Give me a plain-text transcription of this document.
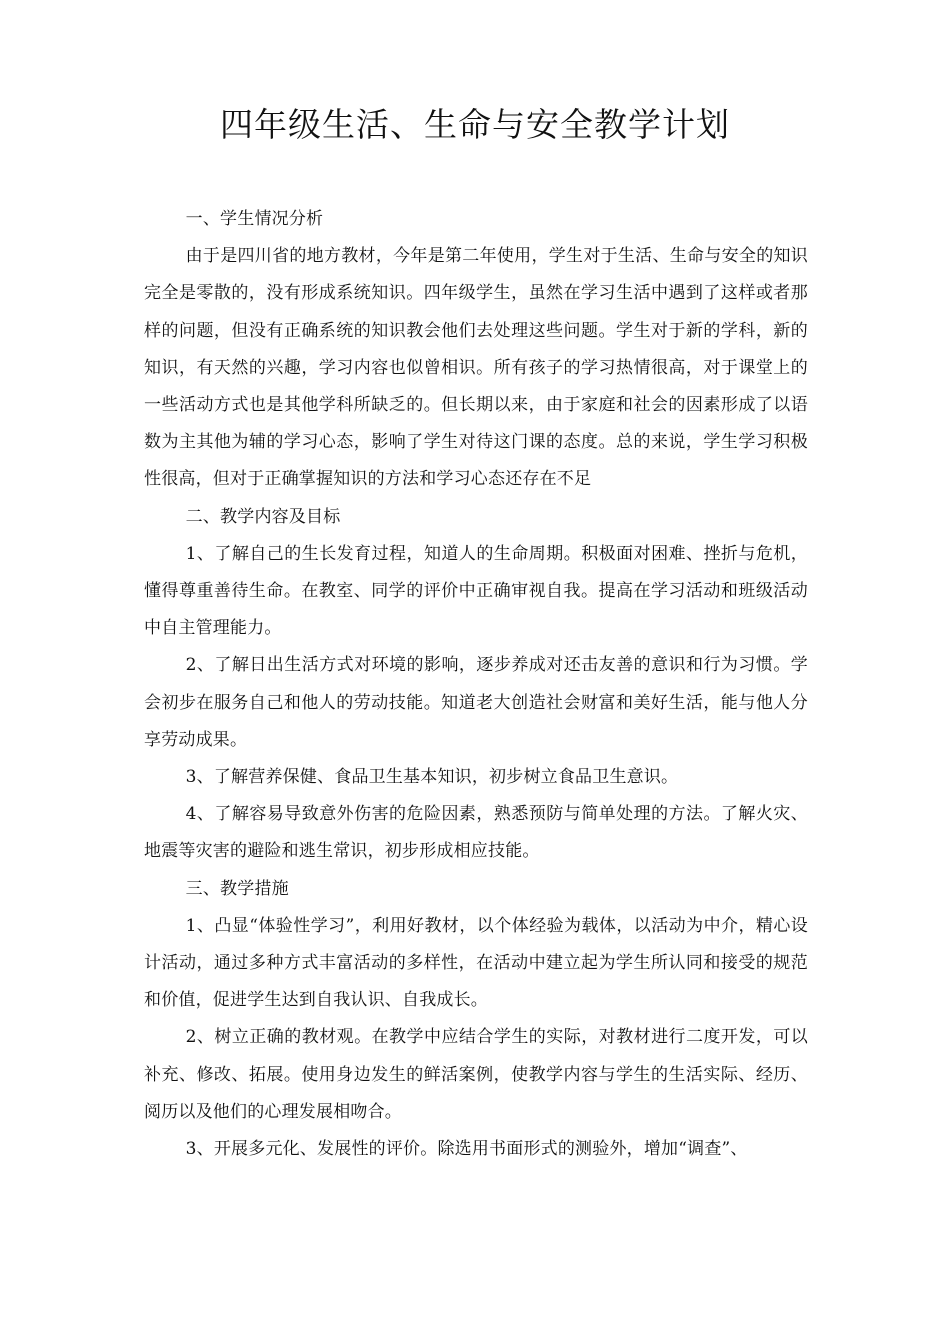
四年级生活、生命与安全教学计划

一、学生情况分析

由于是四川省的地方教材，今年是第二年使用，学生对于生活、生命与安全的知识完全是零散的，没有形成系统知识。四年级学生，虽然在学习生活中遇到了这样或者那样的问题，但没有正确系统的知识教会他们去处理这些问题。学生对于新的学科，新的知识，有天然的兴趣，学习内容也似曾相识。所有孩子的学习热情很高，对于课堂上的一些活动方式也是其他学科所缺乏的。但长期以来，由于家庭和社会的因素形成了以语数为主其他为辅的学习心态，影响了学生对待这门课的态度。总的来说，学生学习积极性很高，但对于正确掌握知识的方法和学习心态还存在不足

二、教学内容及目标

1、了解自己的生长发育过程，知道人的生命周期。积极面对困难、挫折与危机，懂得尊重善待生命。在教室、同学的评价中正确审视自我。提高在学习活动和班级活动中自主管理能力。

2、了解日出生活方式对环境的影响，逐步养成对还击友善的意识和行为习惯。学会初步在服务自己和他人的劳动技能。知道老大创造社会财富和美好生活，能与他人分享劳动成果。

3、了解营养保健、食品卫生基本知识，初步树立食品卫生意识。

4、了解容易导致意外伤害的危险因素，熟悉预防与简单处理的方法。了解火灾、地震等灾害的避险和逃生常识，初步形成相应技能。

三、教学措施

1、凸显“体验性学习”，利用好教材，以个体经验为载体，以活动为中介，精心设计活动，通过多种方式丰富活动的多样性，在活动中建立起为学生所认同和接受的规范和价值，促进学生达到自我认识、自我成长。

2、树立正确的教材观。在教学中应结合学生的实际，对教材进行二度开发，可以补充、修改、拓展。使用身边发生的鲜活案例，使教学内容与学生的生活实际、经历、阅历以及他们的心理发展相吻合。

3、开展多元化、发展性的评价。除选用书面形式的测验外，增加“调查”、
